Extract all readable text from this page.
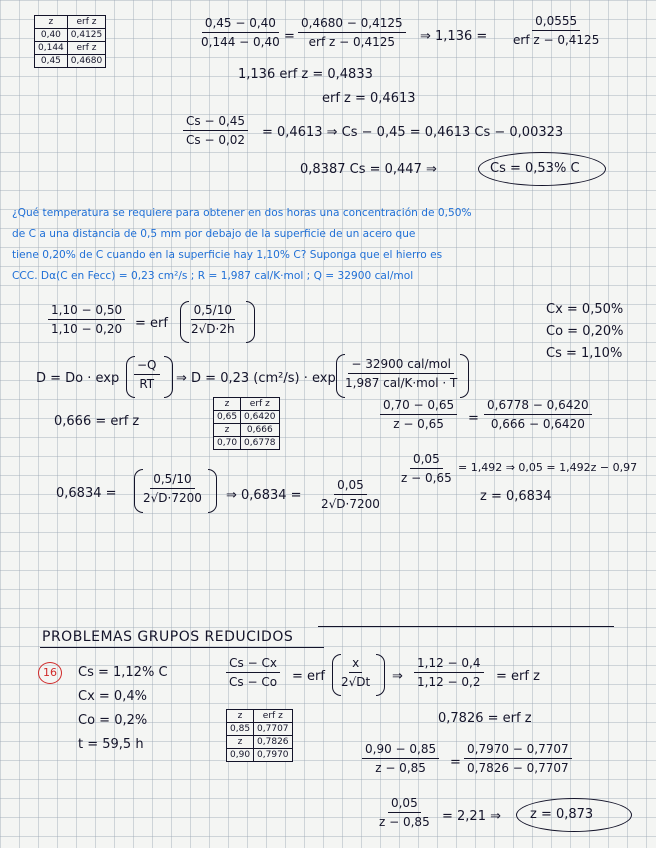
z	erf z
0,40	0,4125
0,144	erf z
0,45	0,4680
$\frac{0,45 - 0,40}{0,144 - 0,40}$ =
0,4680 − 0,4125
erf z − 0,4125 ⇒ 1,136 =
0,0555
erf z − 0,4125
1,136 erf z = 0,4833
erf z = 0,4613
$\frac{Cs - 0,45}{Cs - 0,02} = 0,4613$ ⇒ Cs − 0,45 = 0,4613 Cs − 0,00323
0,8387 Cs = 0,447 ⇒	Cs = 0,53% C
¿Qué temperatura se requiere para obtener en dos horas una concentración de 0,50%
de C a una distancia de 0,5 mm por debajo de la superficie de un acero que
tiene 0,20% de C cuando en la superficie hay 1,10% C? Suponga que el hierro es
CCC. Dα(C en Fecc) = 0,23 cm²/s ; R = 1,987 cal/K·mol ; Q = 32900 cal/mol
$\frac{1,10 - 0,50}{1,10 - 0,20}$ = erf $\frac{0,5/10}{2√D\cdot 2h}$	Cx = 0,50%
Co = 0,20%
Cs = 1,10%
$D = Do \cdot \exp \frac{-Q}{RT}$ ⇒ D = 0,23 (cm²/s) · exp
− 32900 cal/mol
1,987 cal/K·mol · T
0,666 = erf z
z	erf z
0,65	0,6420
z	0,666
0,70	0,6778
$\frac{0,70 - 0,65}{z - 0,65} = \frac{0,6778 - 0,6420}{0,666 - 0,6420}$
$\frac{0,05}{z - 0,65} = 1,492$ ⇒ 0,05 = 1,492z − 0,97
z = 0,6834
$0,6834 = \frac{0,5/10}{2√D\cdot 7200}$ ⇒ $0,6834 = \frac{0,05}{2√D\cdot 7200}$
PROBLEMAS GRUPOS REDUCIDOS
16 Cs = 1,12% C
Cx = 0,4%
Co = 0,2%
t = 59,5 h
$\frac{Cs - Cx}{Cs - Co}$ = erf $\frac{x}{2√Dt}$ ⇒ $\frac{1,12 - 0,4}{1,12 - 0,2}$ = erf z
0,7826 = erf z
z	erf z
0,85	0,7707
z	0,7826
0,90	0,7970	$\frac{0,90 - 0,85}{z - 0,85} = \frac{0,7970 - 0,7707}{0,7826 - 0,7707}$
$\frac{0,05}{z - 0,85} = 2,21$ ⇒ z = 0,873
